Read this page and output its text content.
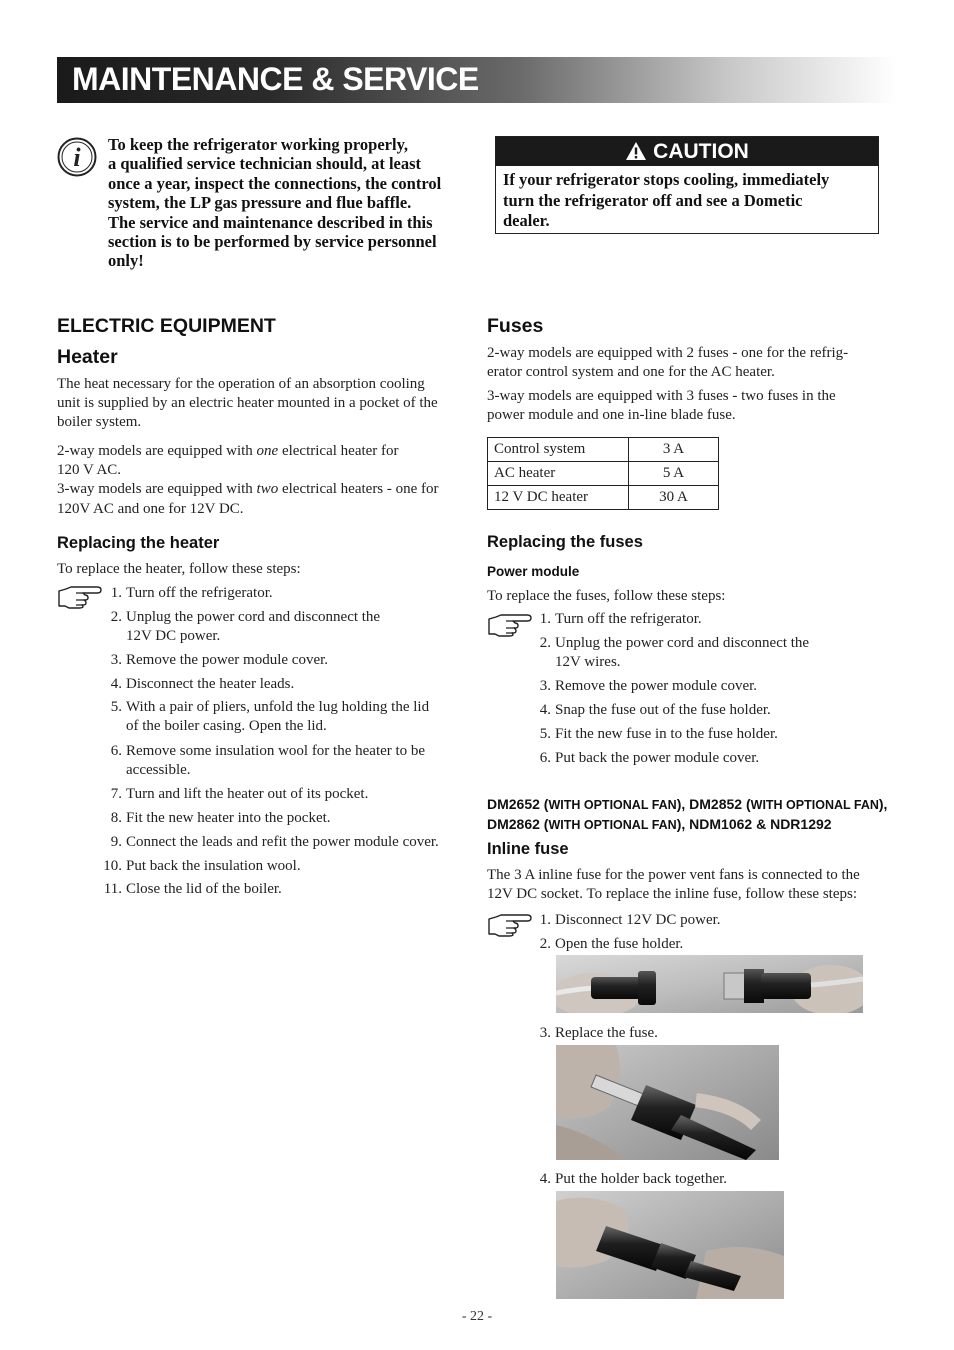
MAINTENANCE & SERVICE
i To keep the refrigerator working properly,
a qualified service technician should, at least
once a year, inspect the connections, the control
system, the LP gas pressure and flue baffle.
The service and maintenance described in this
section is to be performed by service personnel
only!
CAUTION
If your refrigerator stops cooling, immediately
turn the refrigerator off and see a Dometic
dealer.
ELECTRIC EQUIPMENT
Heater

The heat necessary for the operation of an absorption cooling

unit is supplied by an electric heater mounted in a pocket of the

boiler system.

2-way models are equipped with one electrical heater for

120 V AC.

3-way models are equipped with two electrical heaters - one for

120V AC and one for 12V DC.

Replacing the heater

To replace the heater, follow these steps:

1. Turn off the refrigerator.
2. Unplug the power cord and disconnect the
12V DC power.
3. Remove the power module cover.
4. Disconnect the heater leads.
5. With a pair of pliers, unfold the lug holding the lid
of the boiler casing. Open the lid.
6. Remove some insulation wool for the heater to be
accessible.
7. Turn and lift the heater out of its pocket.
8. Fit the new heater into the pocket.
9. Connect the leads and refit the power module cover.
10. Put back the insulation wool.
11. Close the lid of the boiler.
Fuses

2-way models are equipped with 2 fuses - one for the refrig-

erator control system and one for the AC heater.

3-way models are equipped with 3 fuses - two fuses in the

power module and one in-line blade fuse.

Control system	3 A
AC heater	5 A
12 V DC heater	30 A
Replacing the fuses
Power module

To replace the fuses, follow these steps:

1. Turn off the refrigerator.
2. Unplug the power cord and disconnect the
12V wires.
3. Remove the power module cover.
4. Snap the fuse out of the fuse holder.
5. Fit the new fuse in to the fuse holder.
6. Put back the power module cover.
DM2652 (WITH OPTIONAL FAN), DM2852 (WITH OPTIONAL FAN),
DM2862 (WITH OPTIONAL FAN), NDM1062 & NDR1292
Inline fuse

The 3 A inline fuse for the power vent fans is connected to the

12V DC socket. To replace the inline fuse, follow these steps:

1. Disconnect 12V DC power.
2. Open the fuse holder.
3. Replace the fuse.
4. Put the holder back together.
- 22 -
